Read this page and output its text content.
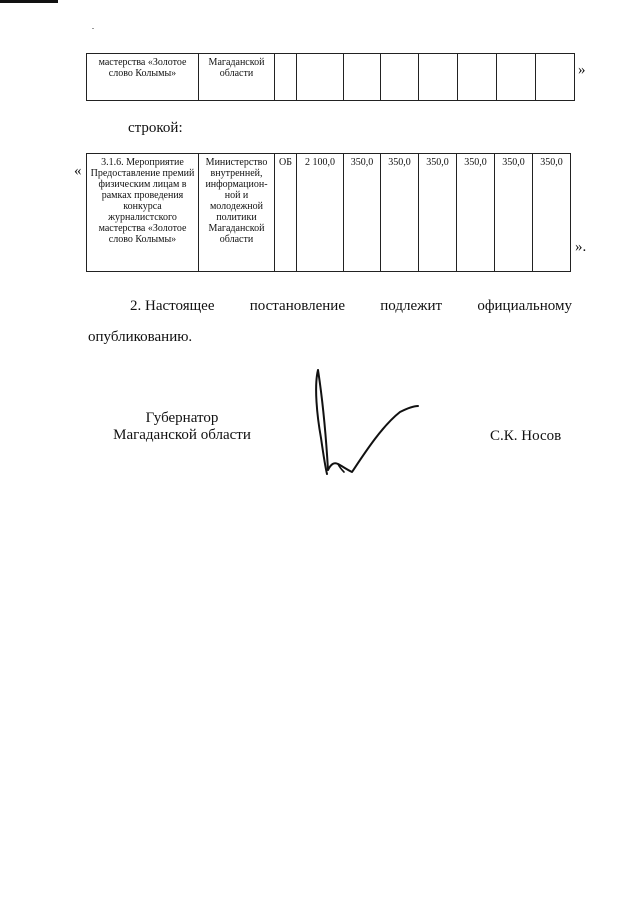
мастерства «Золотое слово Колымы»	Магаданской области									»
строкой:
«
3.1.6. Мероприятие Предоставление премий физическим лицам в рамках проведения конкурса журналистского мастерства «Золотое слово Колымы»	Министерство внутренней, информацион-ной и молодежной политики Магаданской области	ОБ	2 100,0	350,0	350,0	350,0	350,0	350,0	350,0
».
2. Настоящее постановление подлежит официальному
опубликованию.
Губернатор
Магаданской области	С.К. Носов
